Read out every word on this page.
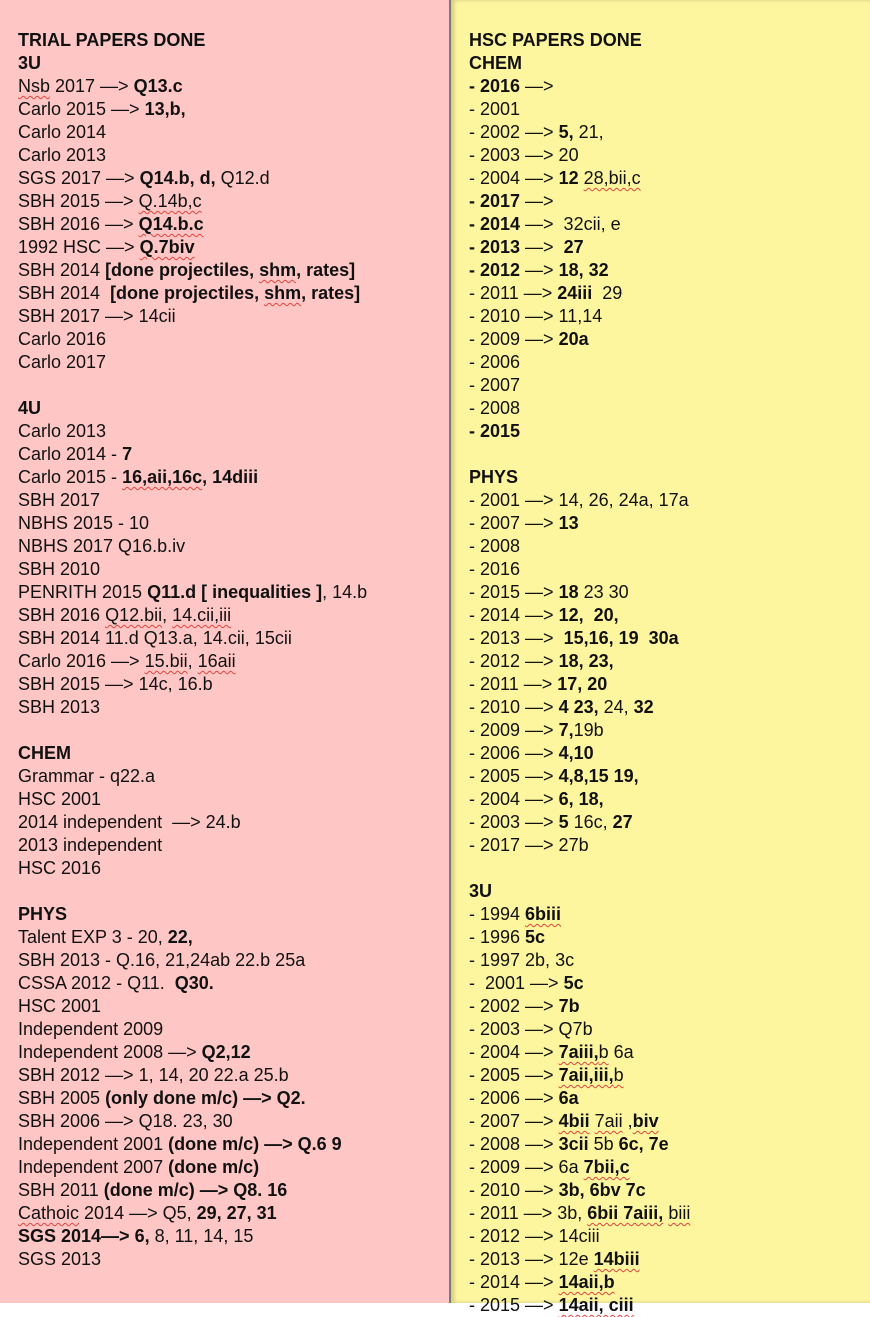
TRIAL PAPERS DONE
3U
Nsb 2017 —> Q13.c
Carlo 2015 —> 13,b,
Carlo 2014
Carlo 2013
SGS 2017 —> Q14.b, d, Q12.d
SBH 2015 —> Q.14b,c
SBH 2016 —> Q14.b.c
1992 HSC —> Q.7biv
SBH 2014 [done projectiles, shm, rates]
SBH 2014  [done projectiles, shm, rates]
SBH 2017 —> 14cii
Carlo 2016
Carlo 2017
4U
Carlo 2013
Carlo 2014 - 7
Carlo 2015 - 16,aii,16c, 14diii
SBH 2017
NBHS 2015 - 10
NBHS 2017 Q16.b.iv
SBH 2010
PENRITH 2015 Q11.d [ inequalities ], 14.b
SBH 2016 Q12.bii, 14.cii,iii
SBH 2014 11.d Q13.a, 14.cii, 15cii
Carlo 2016 —> 15.bii, 16aii
SBH 2015 —> 14c, 16.b
SBH 2013
CHEM
Grammar - q22.a
HSC 2001
2014 independent  —> 24.b
2013 independent
HSC 2016
PHYS
Talent EXP 3 - 20, 22,
SBH 2013 - Q.16, 21,24ab 22.b 25a
CSSA 2012 - Q11.  Q30.
HSC 2001
Independent 2009
Independent 2008 —> Q2,12
SBH 2012 —> 1, 14, 20 22.a 25.b
SBH 2005 (only done m/c) —> Q2.
SBH 2006 —> Q18. 23, 30
Independent 2001 (done m/c) —> Q.6 9
Independent 2007 (done m/c)
SBH 2011 (done m/c) —> Q8. 16
Cathoic 2014 —> Q5, 29, 27, 31
SGS 2014—> 6, 8, 11, 14, 15
SGS 2013
HSC PAPERS DONE
CHEM
- 2016 —>
- 2001
- 2002 —> 5, 21,
- 2003 —> 20
- 2004 —> 12 28,bii,c
- 2017 —>
- 2014 —>  32cii, e
- 2013 —>  27
- 2012 —> 18, 32
- 2011 —> 24iii  29
- 2010 —> 11,14
- 2009 —> 20a
- 2006
- 2007
- 2008
- 2015
PHYS
- 2001 —> 14, 26, 24a, 17a
- 2007 —> 13
- 2008
- 2016
- 2015 —> 18 23 30
- 2014 —> 12,  20,
- 2013 —>  15,16, 19  30a
- 2012 —> 18, 23,
- 2011 —> 17, 20
- 2010 —> 4 23, 24, 32
- 2009 —> 7,19b
- 2006 —> 4,10
- 2005 —> 4,8,15 19,
- 2004 —> 6, 18,
- 2003 —> 5 16c, 27
- 2017 —> 27b
3U
- 1994 6biii
- 1996 5c
- 1997 2b, 3c
-  2001 —> 5c
- 2002 —> 7b
- 2003 —> Q7b
- 2004 —> 7aiii,b 6a
- 2005 —> 7aii,iii,b
- 2006 —> 6a
- 2007 —> 4bii 7aii ,biv
- 2008 —> 3cii 5b 6c, 7e
- 2009 —> 6a 7bii,c
- 2010 —> 3b, 6bv 7c
- 2011 —> 3b, 6bii 7aiii, biii
- 2012 —> 14ciii
- 2013 —> 12e 14biii
- 2014 —> 14aii,b
- 2015 —> 14aii, ciii
